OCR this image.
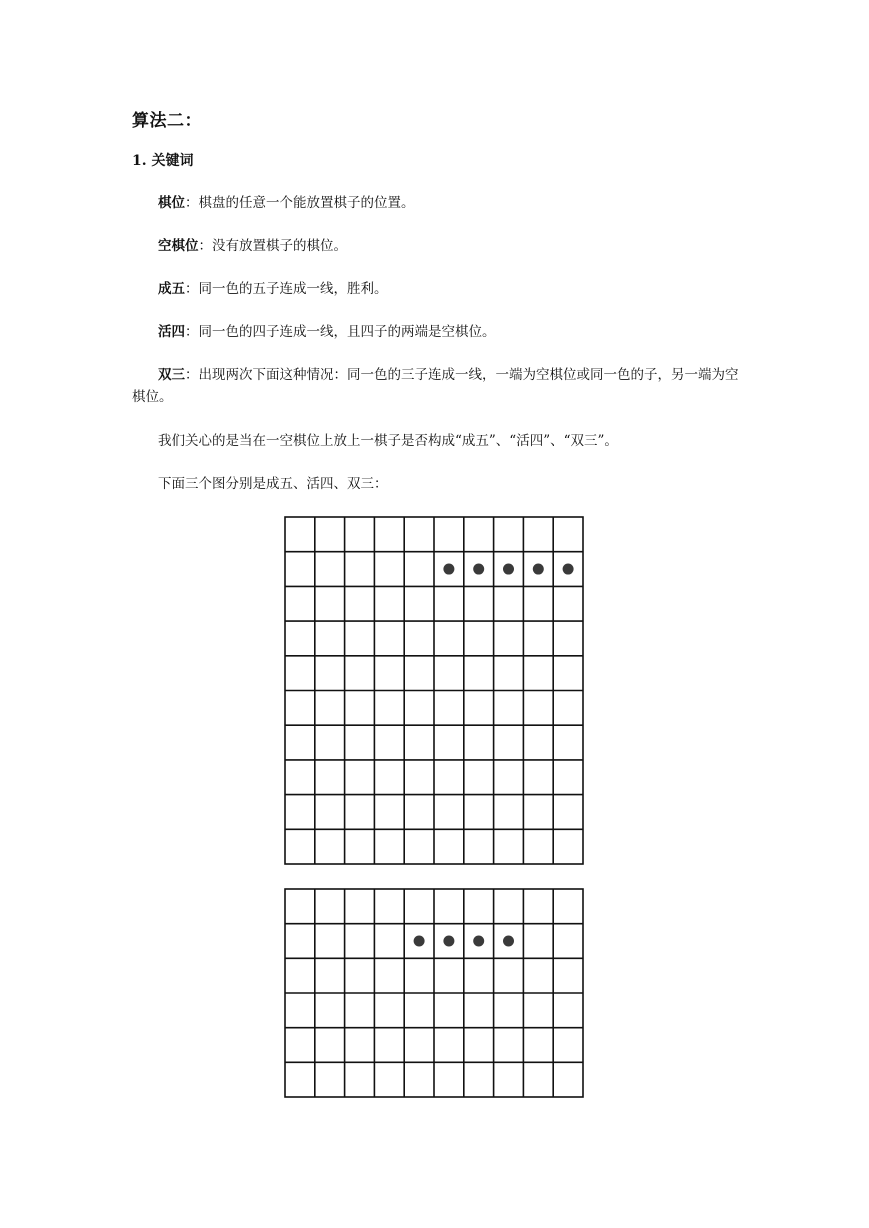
算法二：
1. 关键词
棋位：棋盘的任意一个能放置棋子的位置。
空棋位：没有放置棋子的棋位。
成五：同一色的五子连成一线，胜利。
活四：同一色的四子连成一线，且四子的两端是空棋位。
双三：出现两次下面这种情况：同一色的三子连成一线，一端为空棋位或同一色的子，另一端为空棋位。
我们关心的是当在一空棋位上放上一棋子是否构成“成五”、“活四”、“双三”。
下面三个图分别是成五、活四、双三：
